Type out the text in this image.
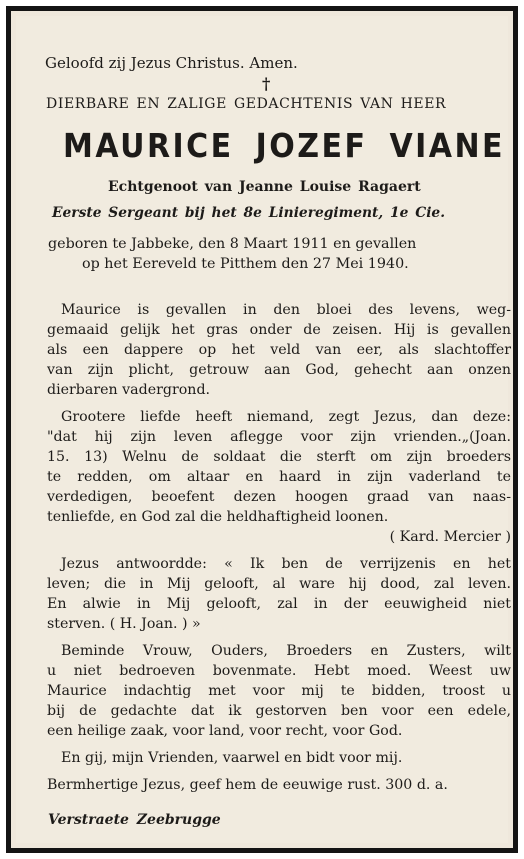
Geloofd zij Jezus Christus. Amen.
†
DIERBARE EN ZALIGE GEDACHTENIS VAN HEER
MAURICE JOZEF VIANE
Echtgenoot van Jeanne Louise Ragaert
Eerste Sergeant bij het 8e Linieregiment, 1e Cie.
geboren te Jabbeke, den 8 Maart 1911 en gevallen
op het Eereveld te Pitthem den 27 Mei 1940.
Maurice is gevallen in den bloei des levens, weg-
gemaaid gelijk het gras onder de zeisen. Hij is gevallen
als een dappere op het veld van eer, als slachtoffer
van zijn plicht, getrouw aan God, gehecht aan onzen
dierbaren vadergrond.
Grootere liefde heeft niemand, zegt Jezus, dan deze:
"dat hij zijn leven aflegge voor zijn vrienden.„(Joan.
15. 13) Welnu de soldaat die sterft om zijn broeders
te redden, om altaar en haard in zijn vaderland te
verdedigen, beoefent dezen hoogen graad van naas-
tenliefde, en God zal die heldhaftigheid loonen.
( Kard. Mercier )
Jezus antwoordde: « Ik ben de verrijzenis en het
leven; die in Mij gelooft, al ware hij dood, zal leven.
En alwie in Mij gelooft, zal in der eeuwigheid niet
sterven. ( H. Joan. ) »
Beminde Vrouw, Ouders, Broeders en Zusters, wilt
u niet bedroeven bovenmate. Hebt moed. Weest uw
Maurice indachtig met voor mij te bidden, troost u
bij de gedachte dat ik gestorven ben voor een edele,
een heilige zaak, voor land, voor recht, voor God.
En gij, mijn Vrienden, vaarwel en bidt voor mij.
Bermhertige Jezus, geef hem de eeuwige rust. 300 d. a.
Verstraete Zeebrugge
